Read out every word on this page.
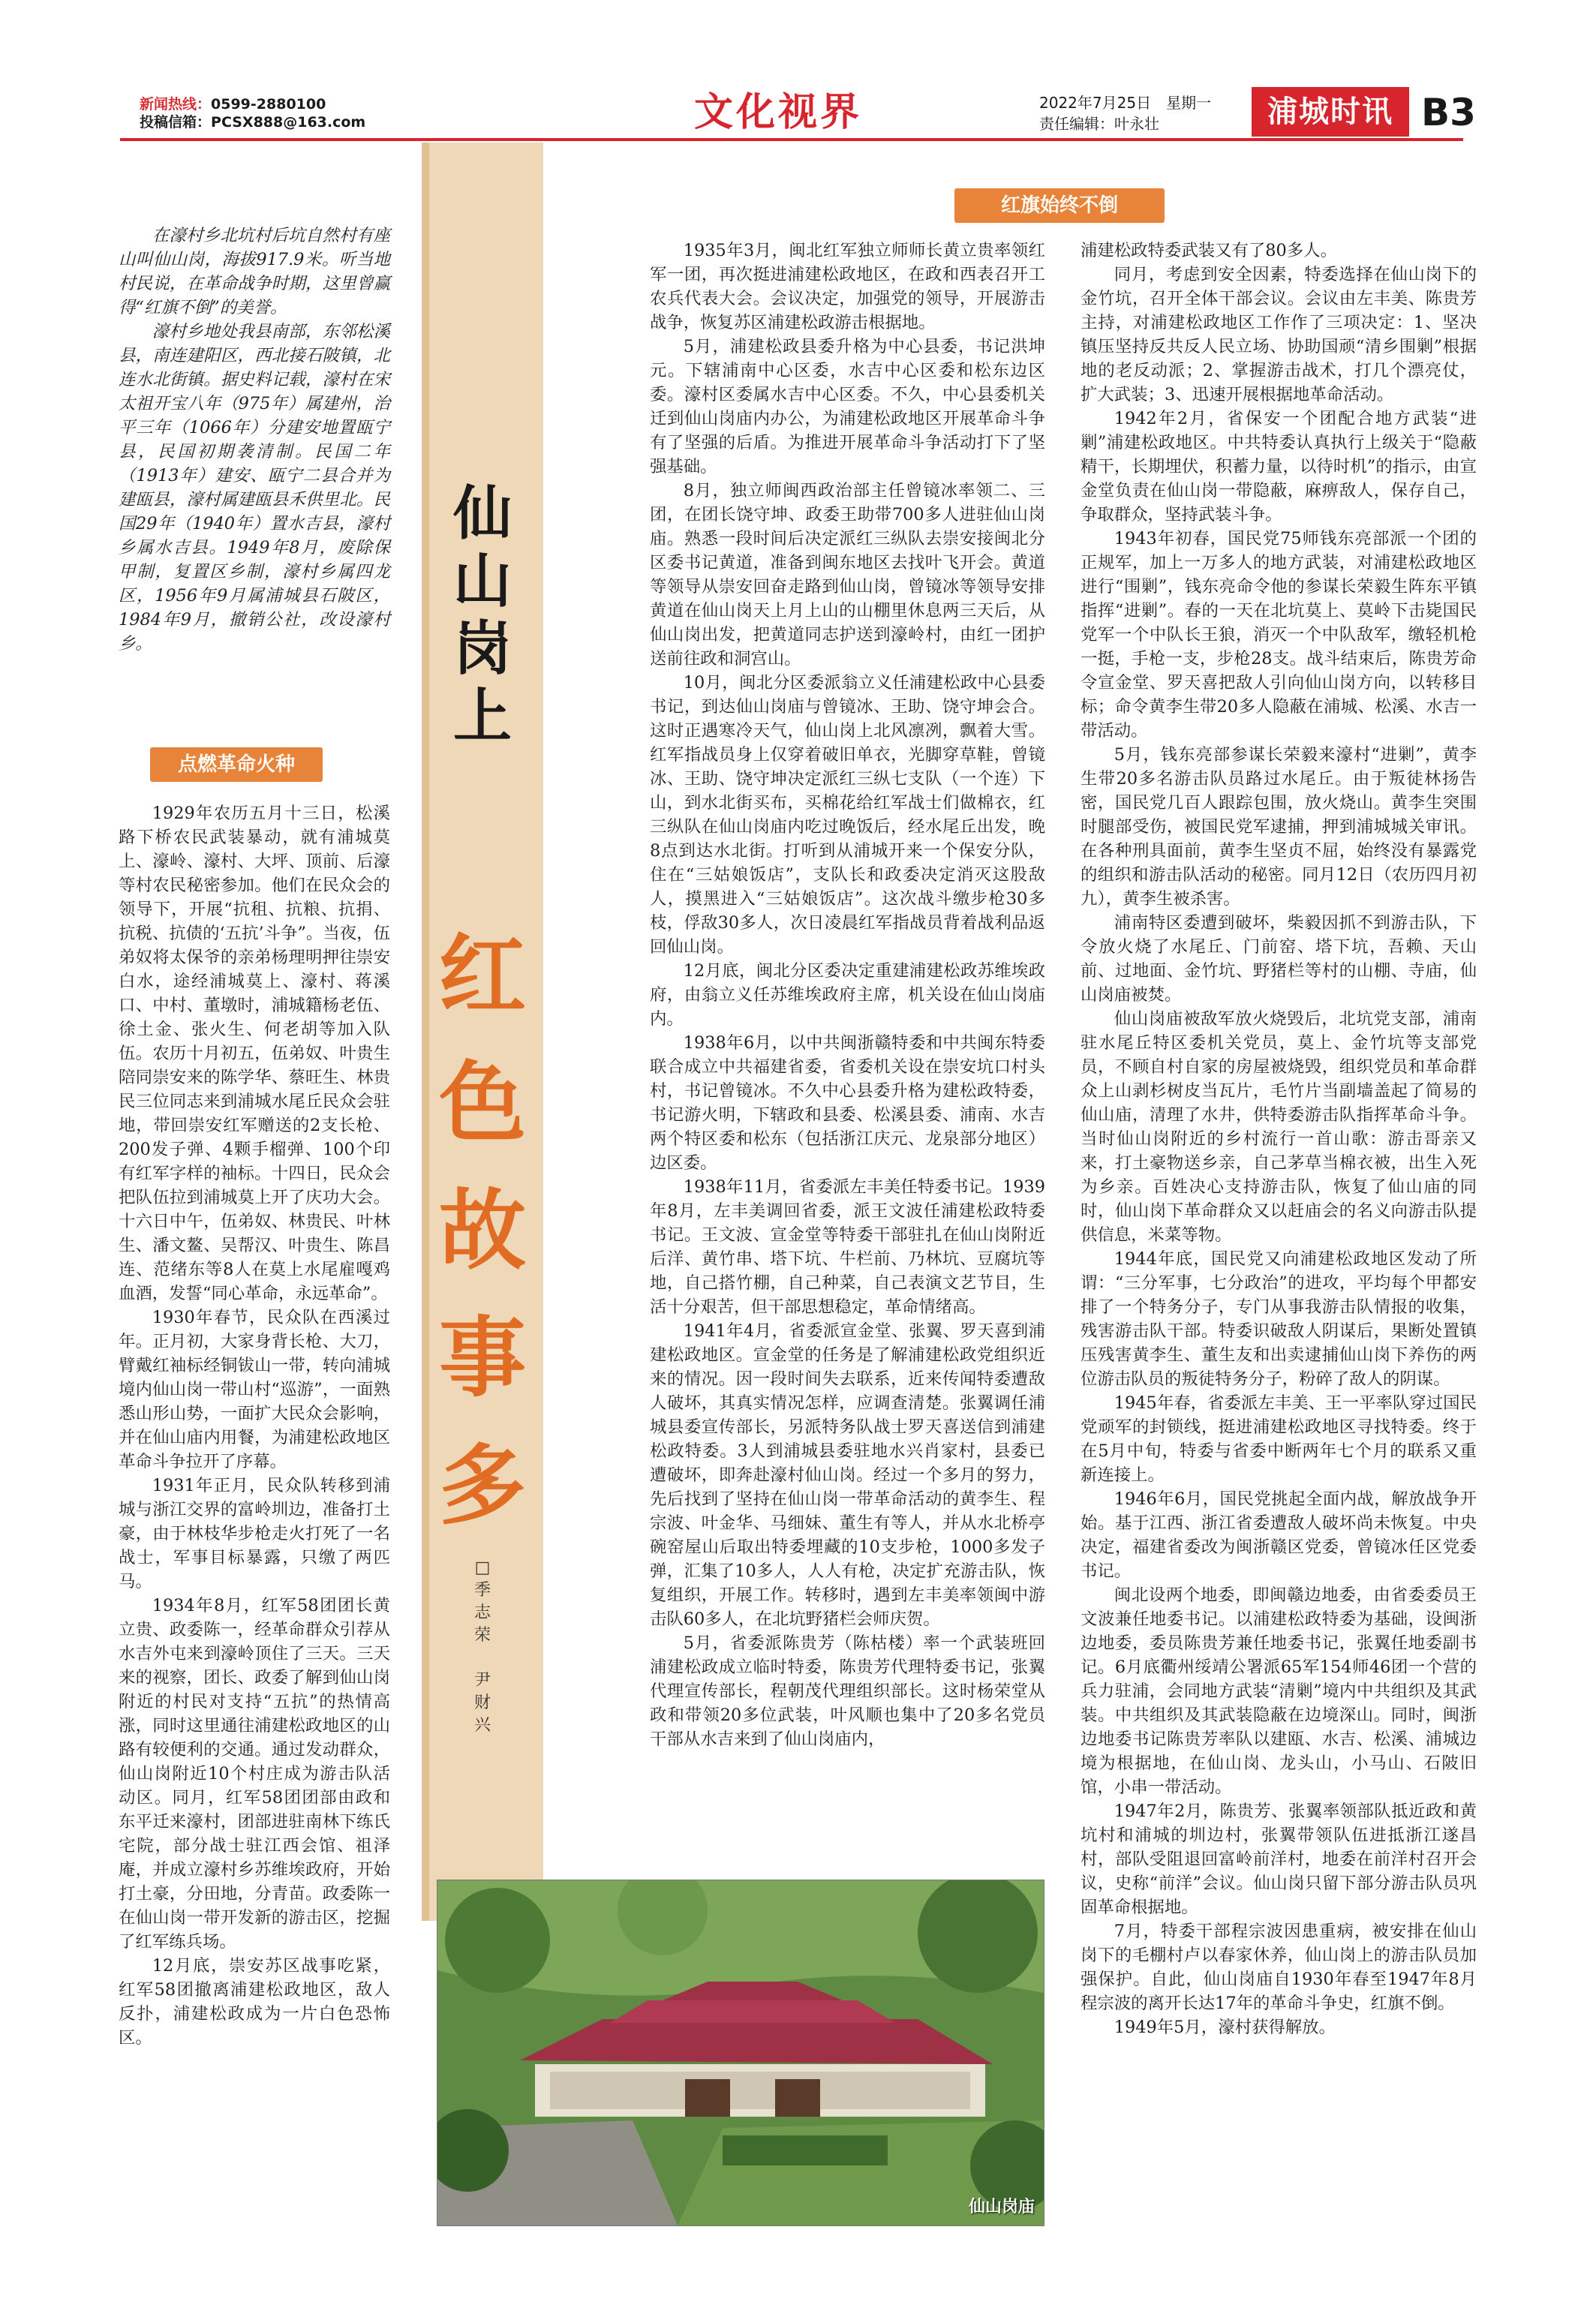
新闻热线：0599-2880100
投稿信箱：PCSX888@163.com	文化视界	2022年7月25日　星期一
责任编辑：叶永壮	浦城时讯 B3
仙
山
岗
上
红
色
故
事
多
□
季
志
荣

尹
财
兴

在濠村乡北坑村后坑自然村有座山叫仙山岗，海拔917.9米。听当地村民说，在革命战争时期，这里曾赢得“红旗不倒”的美誉。

濠村乡地处我县南部，东邻松溪县，南连建阳区，西北接石陂镇，北连水北街镇。据史料记载，濠村在宋太祖开宝八年（975年）属建州，治平三年（1066年）分建安地置瓯宁县，民国初期袭清制。民国二年（1913年）建安、瓯宁二县合并为建瓯县，濠村属建瓯县禾供里北。民国29年（1940年）置水吉县，濠村乡属水吉县。1949年8月，废除保甲制，复置区乡制，濠村乡属四龙区，1956年9月属浦城县石陂区，1984年9月，撤销公社，改设濠村乡。

点燃革命火种

1929年农历五月十三日，松溪路下桥农民武装暴动，就有浦城莫上、濠岭、濠村、大坪、顶前、后濠等村农民秘密参加。他们在民众会的领导下，开展“抗租、抗粮、抗捐、抗税、抗债的‘五抗’斗争”。当夜，伍弟奴将太保爷的亲弟杨理明押往崇安白水，途经浦城莫上、濠村、蒋溪口、中村、董墩时，浦城籍杨老伍、徐土金、张火生、何老胡等加入队伍。农历十月初五，伍弟奴、叶贵生陪同崇安来的陈学华、蔡旺生、林贵民三位同志来到浦城水尾丘民众会驻地，带回崇安红军赠送的2支长枪、200发子弹、4颗手榴弹、100个印有红军字样的袖标。十四日，民众会把队伍拉到浦城莫上开了庆功大会。十六日中午，伍弟奴、林贵民、叶林生、潘文鳌、吴帮汉、叶贵生、陈昌连、范绪东等8人在莫上水尾雇嘎鸡血酒，发誓“同心革命，永远革命”。

1930年春节，民众队在西溪过年。正月初，大家身背长枪、大刀，臂戴红袖标经铜钹山一带，转向浦城境内仙山岗一带山村“巡游”，一面熟悉山形山势，一面扩大民众会影响，并在仙山庙内用餐，为浦建松政地区革命斗争拉开了序幕。

1931年正月，民众队转移到浦城与浙江交界的富岭圳边，准备打土豪，由于林枝华步枪走火打死了一名战士，军事目标暴露，只缴了两匹马。

1934年8月，红军58团团长黄立贵、政委陈一，经革命群众引荐从水吉外屯来到濠岭顶住了三天。三天来的视察，团长、政委了解到仙山岗附近的村民对支持“五抗”的热情高涨，同时这里通往浦建松政地区的山路有较便利的交通。通过发动群众，仙山岗附近10个村庄成为游击队活动区。同月，红军58团团部由政和东平迁来濠村，团部进驻南林下练氏宅院，部分战士驻江西会馆、祖泽庵，并成立濠村乡苏维埃政府，开始打土豪，分田地，分青苗。政委陈一在仙山岗一带开发新的游击区，挖掘了红军练兵场。

12月底，崇安苏区战事吃紧，红军58团撤离浦建松政地区，敌人反扑，浦建松政成为一片白色恐怖区。

红旗始终不倒

1935年3月，闽北红军独立师师长黄立贵率领红军一团，再次挺进浦建松政地区，在政和西表召开工农兵代表大会。会议决定，加强党的领导，开展游击战争，恢复苏区浦建松政游击根据地。

5月，浦建松政县委升格为中心县委，书记洪坤元。下辖浦南中心区委，水吉中心区委和松东边区委。濠村区委属水吉中心区委。不久，中心县委机关迁到仙山岗庙内办公，为浦建松政地区开展革命斗争有了坚强的后盾。为推进开展革命斗争活动打下了坚强基础。

8月，独立师闽西政治部主任曾镜冰率领二、三团，在团长饶守坤、政委王助带700多人进驻仙山岗庙。熟悉一段时间后决定派红三纵队去崇安接闽北分区委书记黄道，准备到闽东地区去找叶飞开会。黄道等领导从崇安回奋走路到仙山岗，曾镜冰等领导安排黄道在仙山岗天上月上山的山棚里休息两三天后，从仙山岗出发，把黄道同志护送到濠岭村，由红一团护送前往政和洞宫山。

10月，闽北分区委派翁立义任浦建松政中心县委书记，到达仙山岗庙与曾镜冰、王助、饶守坤会合。这时正遇寒冷天气，仙山岗上北风凛冽，飘着大雪。红军指战员身上仅穿着破旧单衣，光脚穿草鞋，曾镜冰、王助、饶守坤决定派红三纵七支队（一个连）下山，到水北街买布，买棉花给红军战士们做棉衣，红三纵队在仙山岗庙内吃过晚饭后，经水尾丘出发，晚8点到达水北街。打听到从浦城开来一个保安分队，住在“三姑娘饭店”，支队长和政委决定消灭这股敌人，摸黑进入“三姑娘饭店”。这次战斗缴步枪30多枝，俘敌30多人，次日凌晨红军指战员背着战利品返回仙山岗。

12月底，闽北分区委决定重建浦建松政苏维埃政府，由翁立义任苏维埃政府主席，机关设在仙山岗庙内。

1938年6月，以中共闽浙赣特委和中共闽东特委联合成立中共福建省委，省委机关设在崇安坑口村头村，书记曾镜冰。不久中心县委升格为建松政特委，书记游火明，下辖政和县委、松溪县委、浦南、水吉两个特区委和松东（包括浙江庆元、龙泉部分地区）边区委。

1938年11月，省委派左丰美任特委书记。1939年8月，左丰美调回省委，派王文波任浦建松政特委书记。王文波、宣金堂等特委干部驻扎在仙山岗附近后洋、黄竹串、塔下坑、牛栏前、乃林坑、豆腐坑等地，自己搭竹棚，自己种菜，自己表演文艺节目，生活十分艰苦，但干部思想稳定，革命情绪高。

1941年4月，省委派宣金堂、张翼、罗天喜到浦建松政地区。宣金堂的任务是了解浦建松政党组织近来的情况。因一段时间失去联系，近来传闻特委遭敌人破坏，其真实情况怎样，应调查清楚。张翼调任浦城县委宣传部长，另派特务队战士罗天喜送信到浦建松政特委。3人到浦城县委驻地水兴肖家村，县委已遭破坏，即奔赴濠村仙山岗。经过一个多月的努力，先后找到了坚持在仙山岗一带革命活动的黄李生、程宗波、叶金华、马细妹、董生有等人，并从水北桥亭碗窑屋山后取出特委埋藏的10支步枪，1000多发子弹，汇集了10多人，人人有枪，决定扩充游击队，恢复组织，开展工作。转移时，遇到左丰美率领闽中游击队60多人，在北坑野猪栏会师庆贺。

5月，省委派陈贵芳（陈枯楼）率一个武装班回浦建松政成立临时特委，陈贵芳代理特委书记，张翼代理宣传部长，程朝茂代理组织部长。这时杨荣堂从政和带领20多位武装，叶风顺也集中了20多名党员干部从水吉来到了仙山岗庙内，

浦建松政特委武装又有了80多人。

同月，考虑到安全因素，特委选择在仙山岗下的金竹坑，召开全体干部会议。会议由左丰美、陈贵芳主持，对浦建松政地区工作作了三项决定：1、坚决镇压坚持反共反人民立场、协助国顽“清乡围剿”根据地的老反动派；2、掌握游击战术，打几个漂亮仗，扩大武装；3、迅速开展根据地革命活动。

1942年2月，省保安一个团配合地方武装“进剿”浦建松政地区。中共特委认真执行上级关于“隐蔽精干，长期埋伏，积蓄力量，以待时机”的指示，由宣金堂负责在仙山岗一带隐蔽，麻痹敌人，保存自己，争取群众，坚持武装斗争。

1943年初春，国民党75师钱东亮部派一个团的正规军，加上一万多人的地方武装，对浦建松政地区进行“围剿”，钱东亮命令他的参谋长荣毅生阵东平镇指挥“进剿”。春的一天在北坑莫上、莫岭下击毙国民党军一个中队长王狼，消灭一个中队敌军，缴轻机枪一挺，手枪一支，步枪28支。战斗结束后，陈贵芳命令宣金堂、罗天喜把敌人引向仙山岗方向，以转移目标；命令黄李生带20多人隐蔽在浦城、松溪、水吉一带活动。

5月，钱东亮部参谋长荣毅来濠村“进剿”，黄李生带20多名游击队员路过水尾丘。由于叛徒林扬告密，国民党几百人跟踪包围，放火烧山。黄李生突围时腿部受伤，被国民党军逮捕，押到浦城城关审讯。在各种刑具面前，黄李生坚贞不屈，始终没有暴露党的组织和游击队活动的秘密。同月12日（农历四月初九），黄李生被杀害。

浦南特区委遭到破坏，柴毅因抓不到游击队，下令放火烧了水尾丘、门前窑、塔下坑，吾赖、天山前、过地面、金竹坑、野猪栏等村的山棚、寺庙，仙山岗庙被焚。

仙山岗庙被敌军放火烧毁后，北坑党支部，浦南驻水尾丘特区委机关党员，莫上、金竹坑等支部党员，不顾自村自家的房屋被烧毁，组织党员和革命群众上山剥杉树皮当瓦片，毛竹片当副墙盖起了简易的仙山庙，清理了水井，供特委游击队指挥革命斗争。当时仙山岗附近的乡村流行一首山歌：游击哥亲又来，打土豪物送乡亲，自己茅草当棉衣被，出生入死为乡亲。百姓决心支持游击队，恢复了仙山庙的同时，仙山岗下革命群众又以赶庙会的名义向游击队提供信息，米菜等物。

1944年底，国民党又向浦建松政地区发动了所谓：“三分军事，七分政治”的进攻，平均每个甲都安排了一个特务分子，专门从事我游击队情报的收集，残害游击队干部。特委识破敌人阴谋后，果断处置镇压残害黄李生、董生友和出卖逮捕仙山岗下养伤的两位游击队员的叛徒特务分子，粉碎了敌人的阴谋。

1945年春，省委派左丰美、王一平率队穿过国民党顽军的封锁线，挺进浦建松政地区寻找特委。终于在5月中旬，特委与省委中断两年七个月的联系又重新连接上。

1946年6月，国民党挑起全面内战，解放战争开始。基于江西、浙江省委遭敌人破坏尚未恢复。中央决定，福建省委改为闽浙赣区党委，曾镜冰任区党委书记。

闽北设两个地委，即闽赣边地委，由省委委员王文波兼任地委书记。以浦建松政特委为基础，设闽浙边地委，委员陈贵芳兼任地委书记，张翼任地委副书记。6月底衢州绥靖公署派65军154师46团一个营的兵力驻浦，会同地方武装“清剿”境内中共组织及其武装。中共组织及其武装隐蔽在边境深山。同时，闽浙边地委书记陈贵芳率队以建瓯、水吉、松溪、浦城边境为根据地，在仙山岗、龙头山，小马山、石陂旧馆，小串一带活动。

1947年2月，陈贵芳、张翼率领部队抵近政和黄坑村和浦城的圳边村，张翼带领队伍进抵浙江遂昌村，部队受阻退回富岭前洋村，地委在前洋村召开会议，史称“前洋”会议。仙山岗只留下部分游击队员巩固革命根据地。

7月，特委干部程宗波因患重病，被安排在仙山岗下的毛棚村卢以春家休养，仙山岗上的游击队员加强保护。自此，仙山岗庙自1930年春至1947年8月程宗波的离开长达17年的革命斗争史，红旗不倒。

1949年5月，濠村获得解放。

仙山岗庙
